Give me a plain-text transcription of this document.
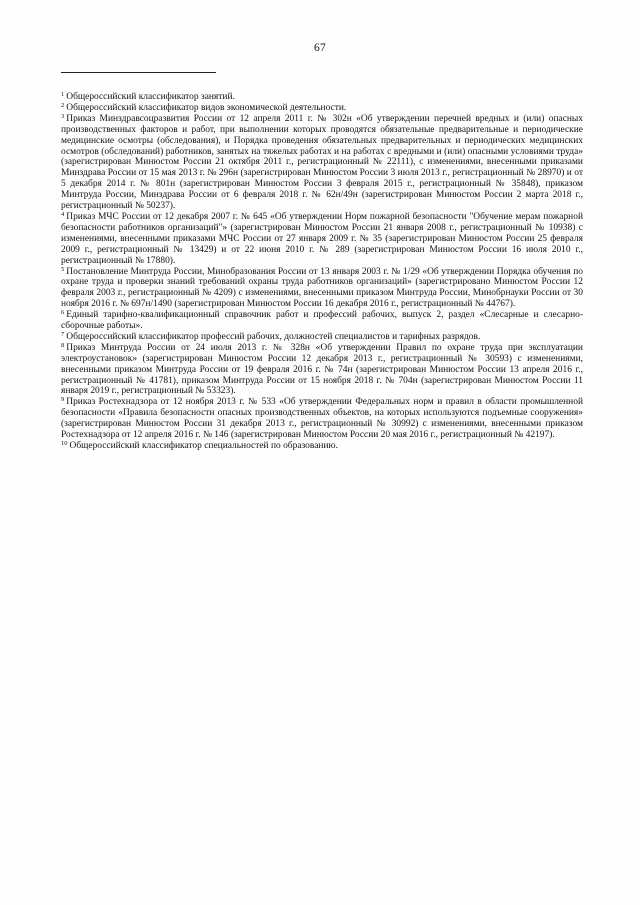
67

$^1$ Общероссийский классификатор занятий.

$^2$ Общероссийский классификатор видов экономической деятельности.

$^3$ Приказ Минздравсоцразвития России от 12 апреля 2011 г. № 302н «Об утверждении перечней вредных и (или) опасных производственных факторов и работ, при выполнении которых проводятся обязательные предварительные и периодические медицинские осмотры (обследования), и Порядка проведения обязательных предварительных и периодических медицинских осмотров (обследований) работников, занятых на тяжелых работах и на работах с вредными и (или) опасными условиями труда» (зарегистрирован Минюстом России 21 октября 2011 г., регистрационный № 22111), с изменениями, внесенными приказами Минздрава России от 15 мая 2013 г. № 296н (зарегистрирован Минюстом России 3 июля 2013 г., регистрационный № 28970) и от 5 декабря 2014 г. № 801н (зарегистрирован Минюстом России 3 февраля 2015 г., регистрационный № 35848), приказом Минтруда России, Минздрава России от 6 февраля 2018 г. № 62н/49н (зарегистрирован Минюстом России 2 марта 2018 г., регистрационный № 50237).

$^4$ Приказ МЧС России от 12 декабря 2007 г. № 645 «Об утверждении Норм пожарной безопасности "Обучение мерам пожарной безопасности работников организаций"» (зарегистрирован Минюстом России 21 января 2008 г., регистрационный № 10938) с изменениями, внесенными приказами МЧС России от 27 января 2009 г. № 35 (зарегистрирован Минюстом России 25 февраля 2009 г., регистрационный № 13429) и от 22 июня 2010 г. № 289 (зарегистрирован Минюстом России 16 июля 2010 г., регистрационный № 17880).

$^5$ Постановление Минтруда России, Минобразования России от 13 января 2003 г. № 1/29 «Об утверждении Порядка обучения по охране труда и проверки знаний требований охраны труда работников организаций» (зарегистрировано Минюстом России 12 февраля 2003 г., регистрационный № 4209) с изменениями, внесенными приказом Минтруда России, Минобрнауки России от 30 ноября 2016 г. № 697н/1490 (зарегистрирован Минюстом России 16 декабря 2016 г., регистрационный № 44767).

$^6$ Единый тарифно-квалификационный справочник работ и профессий рабочих, выпуск 2, раздел «Слесарные и слесарно-сборочные работы».

$^7$ Общероссийский классификатор профессий рабочих, должностей специалистов и тарифных разрядов.

$^8$ Приказ Минтруда России от 24 июля 2013 г. № 328н «Об утверждении Правил по охране труда при эксплуатации электроустановок» (зарегистрирован Минюстом России 12 декабря 2013 г., регистрационный № 30593) с изменениями, внесенными приказом Минтруда России от 19 февраля 2016 г. № 74н (зарегистрирован Минюстом России 13 апреля 2016 г., регистрационный № 41781), приказом Минтруда России от 15 ноября 2018 г. № 704н (зарегистрирован Минюстом России 11 января 2019 г., регистрационный № 53323).

$^9$ Приказ Ростехнадзора от 12 ноября 2013 г. № 533 «Об утверждении Федеральных норм и правил в области промышленной безопасности «Правила безопасности опасных производственных объектов, на которых используются подъемные сооружения» (зарегистрирован Минюстом России 31 декабря 2013 г., регистрационный № 30992) с изменениями, внесенными приказом Ростехнадзора от 12 апреля 2016 г. № 146 (зарегистрирован Минюстом России 20 мая 2016 г., регистрационный № 42197).

$^{10}$ Общероссийский классификатор специальностей по образованию.
